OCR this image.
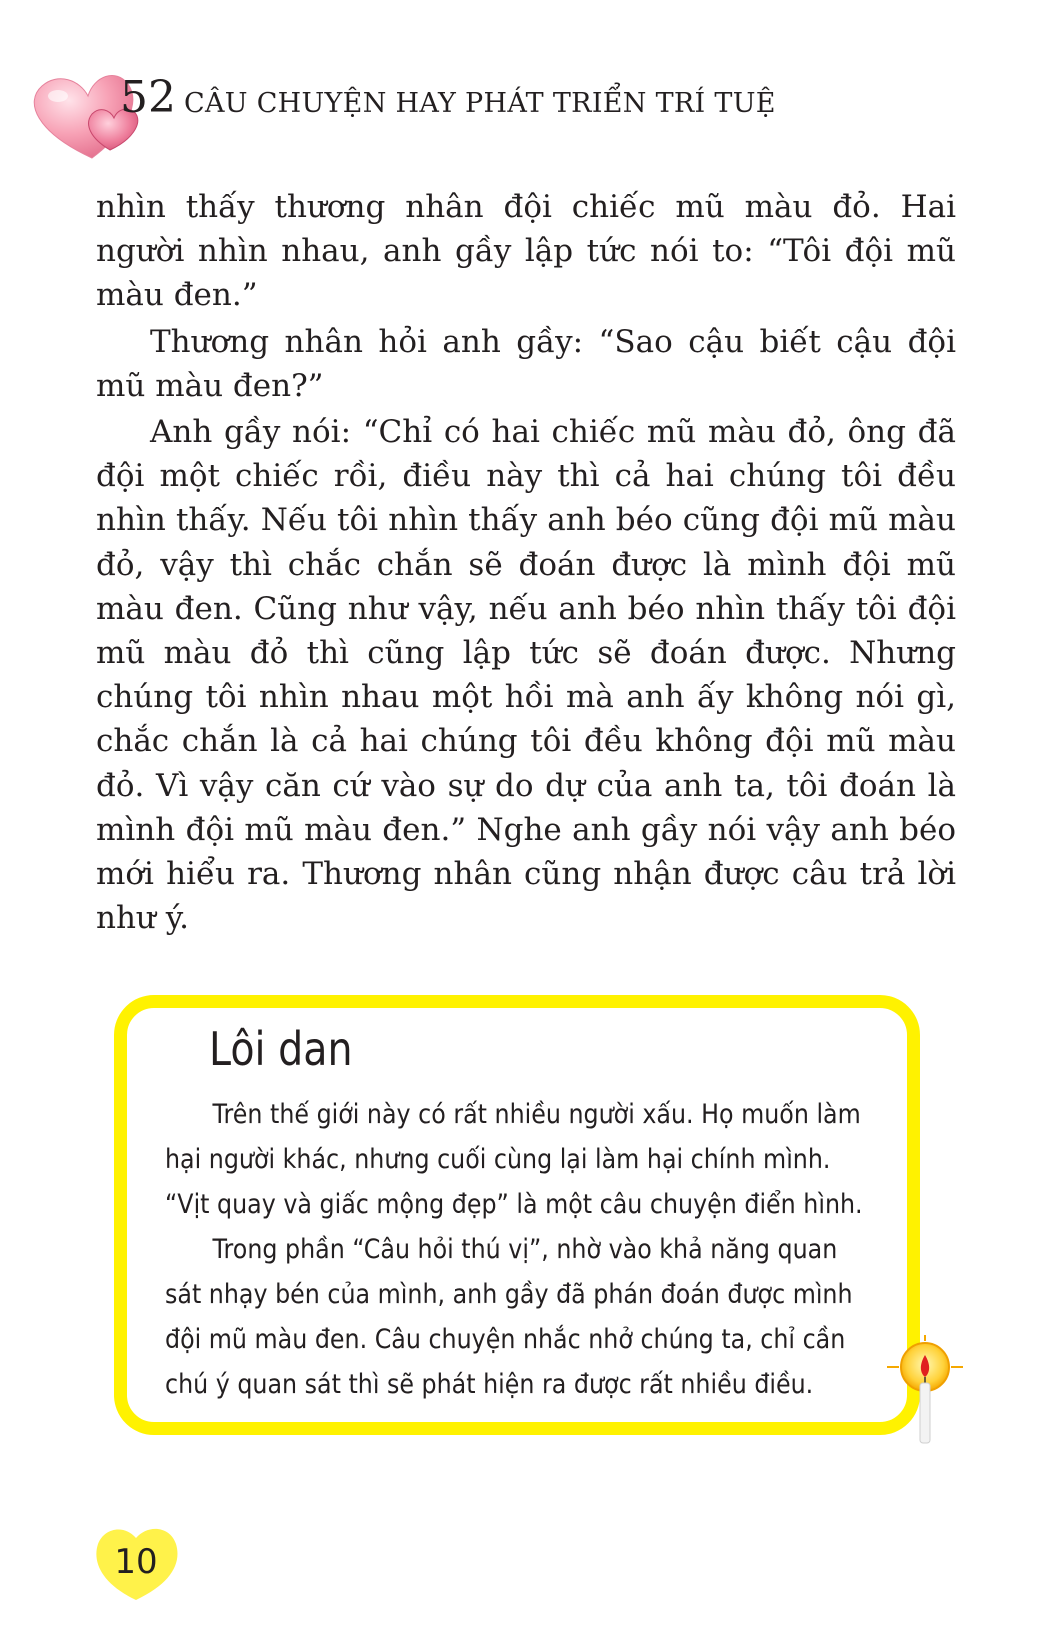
52 CÂU CHUYỆN HAY PHÁT TRIỂN TRÍ TUỆ

nhìn thấy thương nhân đội chiếc mũ màu đỏ. Hai người nhìn nhau, anh gầy lập tức nói to: “Tôi đội mũ màu đen.”

Thương nhân hỏi anh gầy: “Sao cậu biết cậu đội mũ màu đen?”

Anh gầy nói: “Chỉ có hai chiếc mũ màu đỏ, ông đã đội một chiếc rồi, điều này thì cả hai chúng tôi đều nhìn thấy. Nếu tôi nhìn thấy anh béo cũng đội mũ màu đỏ, vậy thì chắc chắn sẽ đoán được là mình đội mũ màu đen. Cũng như vậy, nếu anh béo nhìn thấy tôi đội mũ màu đỏ thì cũng lập tức sẽ đoán được. Nhưng chúng tôi nhìn nhau một hồi mà anh ấy không nói gì, chắc chắn là cả hai chúng tôi đều không đội mũ màu đỏ. Vì vậy căn cứ vào sự do dự của anh ta, tôi đoán là mình đội mũ màu đen.” Nghe anh gầy nói vậy anh béo mới hiểu ra. Thương nhân cũng nhận được câu trả lời như ý.

Lôi dan

Trên thế giới này có rất nhiều người xấu. Họ muốn làm

hại người khác, nhưng cuối cùng lại làm hại chính mình.

“Vịt quay và giấc mộng đẹp” là một câu chuyện điển hình.

Trong phần “Câu hỏi thú vị”, nhờ vào khả năng quan

sát nhạy bén của mình, anh gầy đã phán đoán được mình

đội mũ màu đen. Câu chuyện nhắc nhở chúng ta, chỉ cần

chú ý quan sát thì sẽ phát hiện ra được rất nhiều điều.

10
